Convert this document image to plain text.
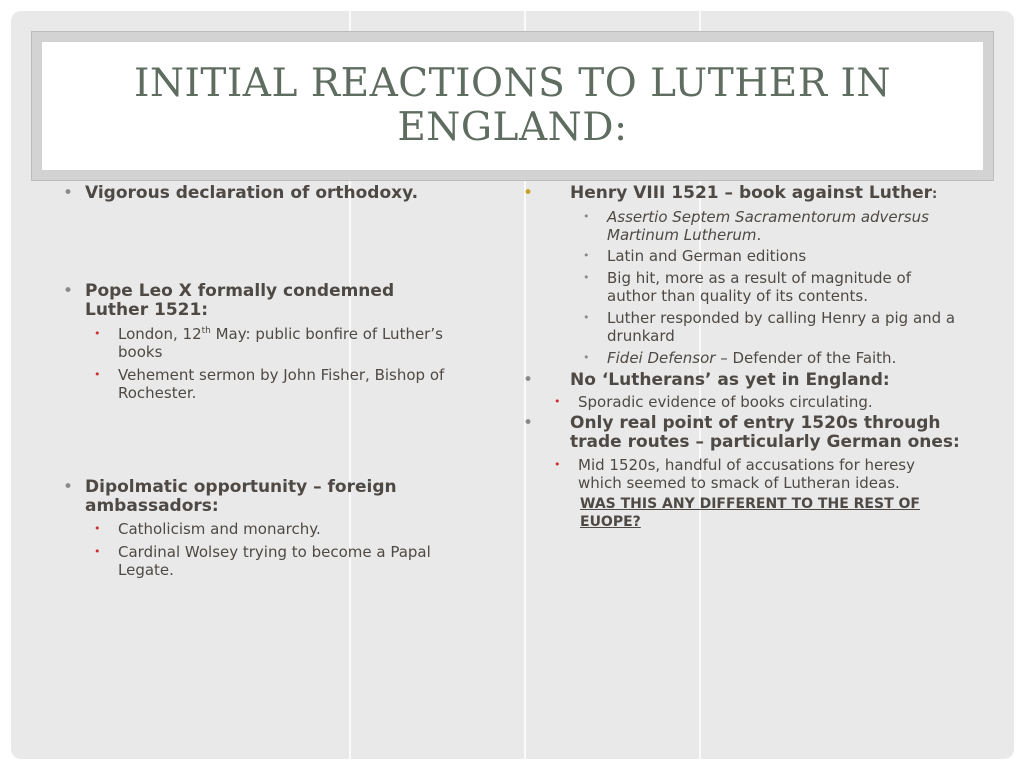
INITIAL REACTIONS TO LUTHER IN ENGLAND:
• Vigorous declaration of orthodoxy.
• Pope Leo X formally condemned Luther 1521:
• London, 12th May: public bonfire of Luther’s books
• Vehement sermon by John Fisher, Bishop of Rochester.
• Dipolmatic opportunity – foreign ambassadors:
• Catholicism and monarchy.
• Cardinal Wolsey trying to become a Papal Legate.
• Henry VIII 1521 – book against Luther:
• Assertio Septem Sacramentorum adversus Martinum Lutherum.
• Latin and German editions
• Big hit, more as a result of magnitude of author than quality of its contents.
• Luther responded by calling Henry a pig and a drunkard
• Fidei Defensor – Defender of the Faith.
• No ‘Lutherans’ as yet in England:
• Sporadic evidence of books circulating.
• Only real point of entry 1520s through trade routes – particularly German ones:
• Mid 1520s, handful of accusations for heresy which seemed to smack of Lutheran ideas.
WAS THIS ANY DIFFERENT TO THE REST OF EUOPE?
